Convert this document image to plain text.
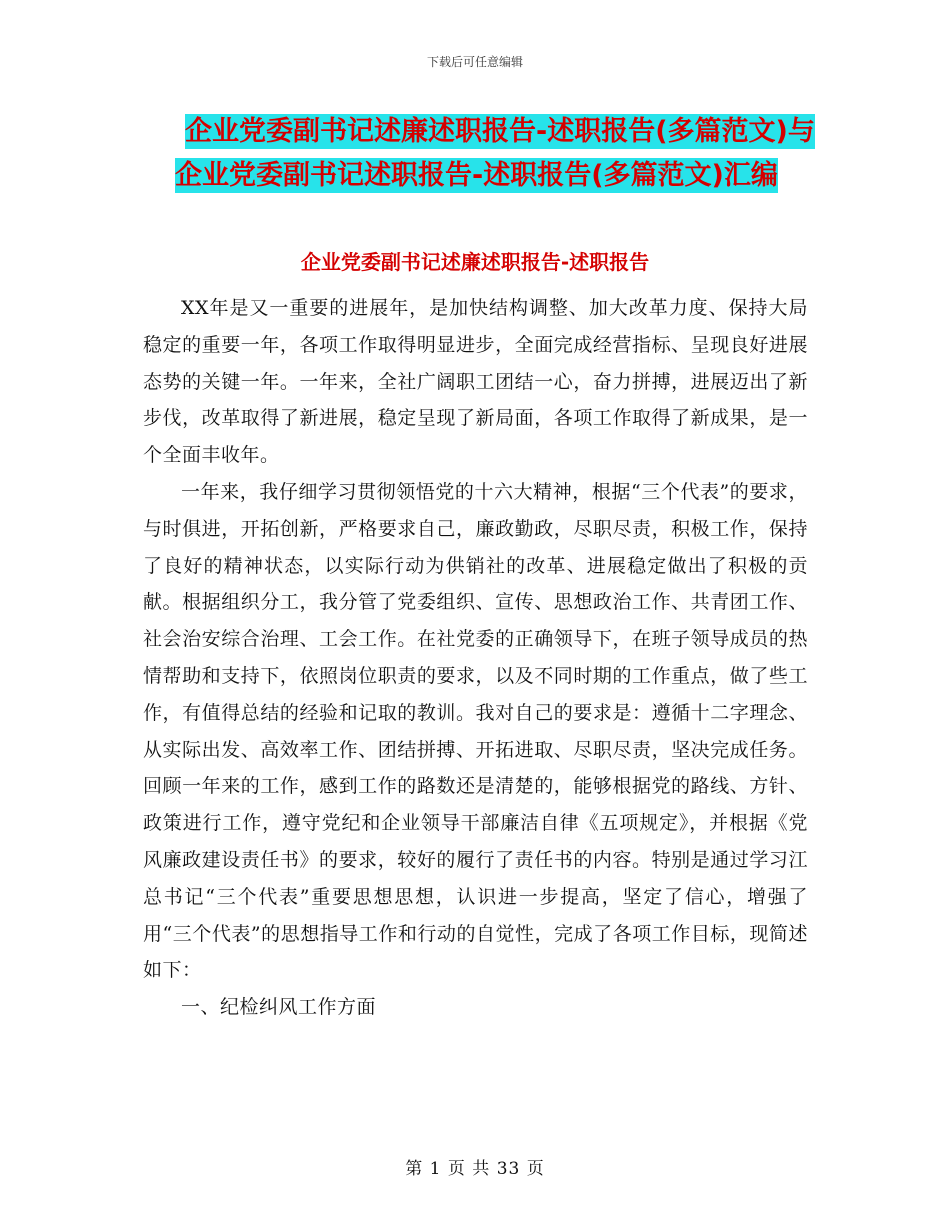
下载后可任意编辑
企业党委副书记述廉述职报告-述职报告(多篇范文)与
企业党委副书记述职报告-述职报告(多篇范文)汇编
企业党委副书记述廉述职报告-述职报告

XX年是又一重要的进展年，是加快结构调整、加大改革力度、保持大局稳定的重要一年，各项工作取得明显进步，全面完成经营指标、呈现良好进展态势的关键一年。一年来，全社广阔职工团结一心，奋力拼搏，进展迈出了新步伐，改革取得了新进展，稳定呈现了新局面，各项工作取得了新成果，是一个全面丰收年。

一年来，我仔细学习贯彻领悟党的十六大精神，根据“三个代表”的要求，与时俱进，开拓创新，严格要求自己，廉政勤政，尽职尽责，积极工作，保持了良好的精神状态，以实际行动为供销社的改革、进展稳定做出了积极的贡献。根据组织分工，我分管了党委组织、宣传、思想政治工作、共青团工作、社会治安综合治理、工会工作。在社党委的正确领导下，在班子领导成员的热情帮助和支持下，依照岗位职责的要求，以及不同时期的工作重点，做了些工作，有值得总结的经验和记取的教训。我对自己的要求是：遵循十二字理念、从实际出发、高效率工作、团结拼搏、开拓进取、尽职尽责，坚决完成任务。回顾一年来的工作，感到工作的路数还是清楚的，能够根据党的路线、方针、政策进行工作，遵守党纪和企业领导干部廉洁自律《五项规定》，并根据《党风廉政建设责任书》的要求，较好的履行了责任书的内容。特别是通过学习江总书记“三个代表”重要思想思想，认识进一步提高，坚定了信心，增强了用“三个代表”的思想指导工作和行动的自觉性，完成了各项工作目标，现简述如下：

一、纪检纠风工作方面

第 1 页 共 33 页
